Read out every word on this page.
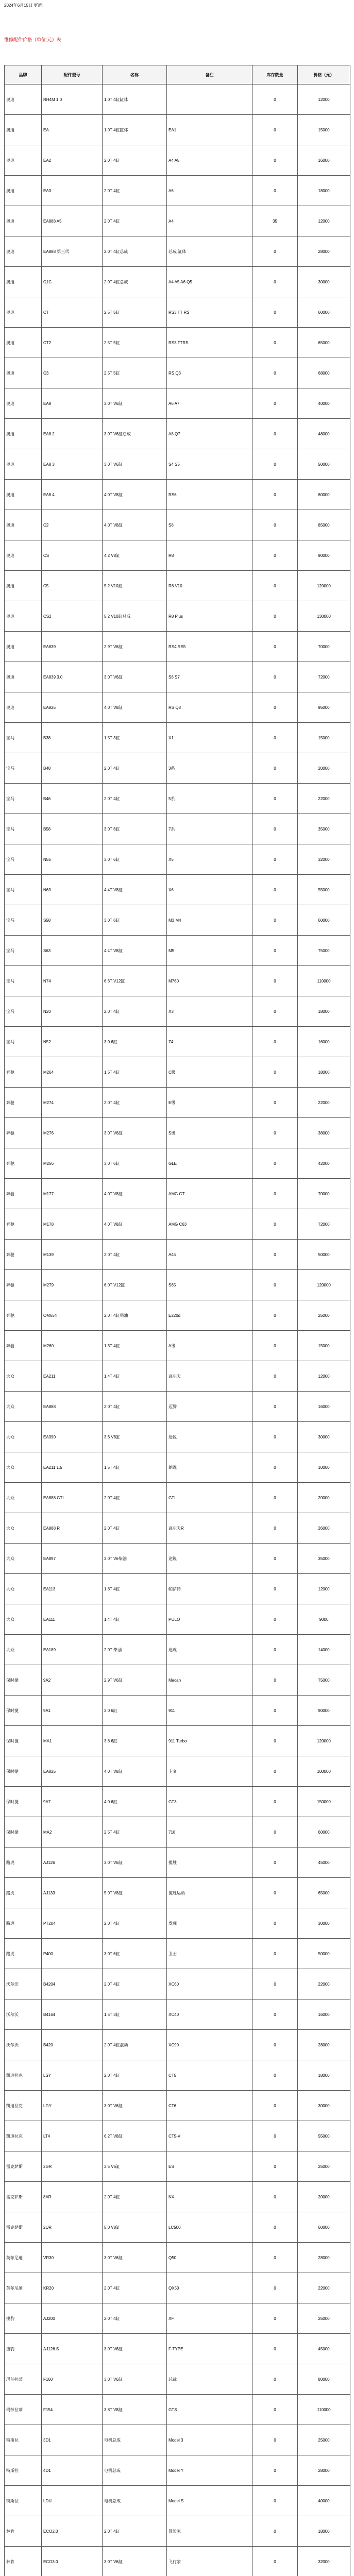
2024年6月15日 更新：
维修配件价格（单位:元）表
品牌	配件型号	名称	备注	库存数量	价格（元）
奥迪	RH4M 1.0	1.0T 4缸缸体		0	12000
奥迪	EA	1.0T 4缸缸体	EA1	0	15000
奥迪	EA2	2.0T 4缸	A4 A5	0	16000
奥迪	EA3	2.0T 4缸	A6	0	18000
奥迪	EA888 A5	2.0T 4缸	A4	35	12000
奥迪	EA888 第三代	2.0T 4缸总成	总成 缸体	0	28000
奥迪	C1C	2.0T 4缸总成	A4 A5 A6 Q5	0	30000
奥迪	CT	2.5T 5缸	RS3 TT RS	0	60000
奥迪	CT2	2.5T 5缸	RS3 TTRS	0	65000
奥迪	C3	2.5T 5缸	RS Q3	0	68000
奥迪	EA8	3.0T V6缸	A6 A7	0	40000
奥迪	EA8 2	3.0T V6缸总成	A8 Q7	0	48000
奥迪	EA8 3	3.0T V6缸	S4 S5	0	50000
奥迪	EA8 4	4.0T V8缸	RS6	0	80000
奥迪	C2	4.0T V8缸	S8	0	85000
奥迪	CS	4.2 V8缸	R8	0	90000
奥迪	C5	5.2 V10缸	R8 V10	0	120000
奥迪	CS2	5.2 V10缸总成	R8 Plus	0	130000
奥迪	EA839	2.9T V6缸	RS4 RS5	0	70000
奥迪	EA839 3.0	3.0T V6缸	S6 S7	0	72000
奥迪	EA825	4.0T V8缸	RS Q8	0	95000
宝马	B38	1.5T 3缸	X1	0	15000
宝马	B48	2.0T 4缸	3系	0	20000
宝马	B46	2.0T 4缸	5系	0	22000
宝马	B58	3.0T 6缸	7系	0	35000
宝马	N55	3.0T 6缸	X5	0	32000
宝马	N63	4.4T V8缸	X6	0	55000
宝马	S58	3.0T 6缸	M3 M4	0	60000
宝马	S63	4.4T V8缸	M5	0	75000
宝马	N74	6.6T V12缸	M760	0	110000
宝马	N20	2.0T 4缸	X3	0	18000
宝马	N52	3.0 6缸	Z4	0	16000
奔驰	M264	1.5T 4缸	C级	0	18000
奔驰	M274	2.0T 4缸	E级	0	22000
奔驰	M276	3.0T V6缸	S级	0	38000
奔驰	M256	3.0T 6缸	GLE	0	42000
奔驰	M177	4.0T V8缸	AMG GT	0	70000
奔驰	M178	4.0T V8缸	AMG C63	0	72000
奔驰	M139	2.0T 4缸	A45	0	50000
奔驰	M279	6.0T V12缸	S65	0	120000
奔驰	OM654	2.0T 4缸柴油	E220d	0	25000
奔驰	M260	1.3T 4缸	A级	0	15000
大众	EA211	1.4T 4缸	高尔夫	0	12000
大众	EA888	2.0T 4缸	迈腾	0	16000
大众	EA390	3.6 V6缸	途锐	0	30000
大众	EA211 1.5	1.5T 4缸	朗逸	0	10000
大众	EA888 GTI	2.0T 4缸	GTI	0	20000
大众	EA888 R	2.0T 4缸	高尔夫R	0	26000
大众	EA897	3.0T V6柴油	途锐	0	35000
大众	EA113	1.8T 4缸	帕萨特	0	12000
大众	EA111	1.4T 4缸	POLO	0	9000
大众	EA189	2.0T 柴油	途观	0	14000
保时捷	9A2	2.9T V6缸	Macan	0	75000
保时捷	9A1	3.0 6缸	911	0	90000
保时捷	MA1	3.8 6缸	911 Turbo	0	120000
保时捷	EA825	4.0T V8缸	卡宴	0	100000
保时捷	9A7	4.0 6缸	GT3	0	150000
保时捷	MA2	2.5T 4缸	718	0	60000
路虎	AJ126	3.0T V6缸	揽胜	0	45000
路虎	AJ133	5.0T V8缸	揽胜运动	0	65000
路虎	PT204	2.0T 4缸	发现	0	30000
路虎	P400	3.0T 6缸	卫士	0	50000
沃尔沃	B4204	2.0T 4缸	XC60	0	22000
沃尔沃	B4164	1.5T 3缸	XC40	0	16000
沃尔沃	B420	2.0T 4缸混动	XC90	0	28000
凯迪拉克	LSY	2.0T 4缸	CT5	0	18000
凯迪拉克	LGY	3.0T V6缸	CT6	0	30000
凯迪拉克	LT4	6.2T V8缸	CT5-V	0	55000
雷克萨斯	2GR	3.5 V6缸	ES	0	25000
雷克萨斯	8AR	2.0T 4缸	NX	0	20000
雷克萨斯	2UR	5.0 V8缸	LC500	0	60000
英菲尼迪	VR30	3.0T V6缸	Q50	0	28000
英菲尼迪	KR20	2.0T 4缸	QX50	0	22000
捷豹	AJ200	2.0T 4缸	XF	0	25000
捷豹	AJ126 S	3.0T V6缸	F-TYPE	0	45000
玛莎拉蒂	F160	3.0T V6缸	总裁	0	80000
玛莎拉蒂	F154	3.8T V8缸	GTS	0	110000
特斯拉	3D1	电机总成	Model 3	0	25000
特斯拉	4D1	电机总成	Model Y	0	28000
特斯拉	LDU	电机总成	Model S	0	40000
林肯	ECO2.0	2.0T 4缸	冒险家	0	18000
林肯	ECO3.0	3.0T V6缸	飞行家	0	32000
